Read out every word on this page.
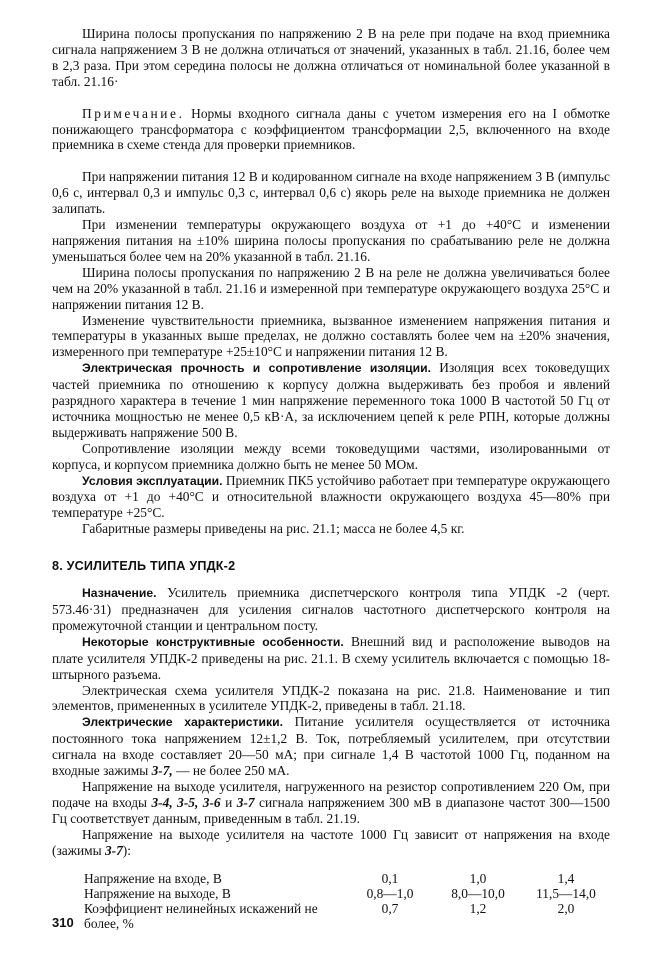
Ширина полосы пропускания по напряжению 2 В на реле при подаче на вход приемника сигнала напряжением 3 В не должна отличаться от значений, указанных в табл. 21.16, более чем в 2,3 раза. При этом середина полосы не должна отличаться от номинальной более указанной в табл. 21.16·

Примечание. Нормы входного сигнала даны с учетом измерения его на I обмотке понижающего трансформатора с коэффициентом трансформации 2,5, включенного на входе приемника в схеме стенда для проверки приемников.

При напряжении питания 12 В и кодированном сигнале на входе напряжением 3 В (импульс 0,6 с, интервал 0,3 и импульс 0,3 с, интервал 0,6 с) якорь реле на выходе приемника не должен залипать.

При изменении температуры окружающего воздуха от +1 до +40°С и изменении напряжения питания на ±10% ширина полосы пропускания по срабатыванию реле не должна уменьшаться более чем на 20% указанной в табл. 21.16.

Ширина полосы пропускания по напряжению 2 В на реле не должна увеличиваться более чем на 20% указанной в табл. 21.16 и измеренной при температуре окружающего воздуха 25°С и напряжении питания 12 В.

Изменение чувствительности приемника, вызванное изменением напряжения питания и температуры в указанных выше пределах, не должно составлять более чем на ±20% значения, измеренного при температуре +25±10°С и напряжении питания 12 В.

Электрическая прочность и сопротивление изоляции. Изоляция всех токоведущих частей приемника по отношению к корпусу должна выдерживать без пробоя и явлений разрядного характера в течение 1 мин напряжение переменного тока 1000 В частотой 50 Гц от источника мощностью не менее 0,5 кВ·А, за исключением цепей к реле РПН, которые должны выдерживать напряжение 500 В.

Сопротивление изоляции между всеми токоведущими частями, изолированными от корпуса, и корпусом приемника должно быть не менее 50 МОм.

Условия эксплуатации. Приемник ПК5 устойчиво работает при температуре окружающего воздуха от +1 до +40°С и относительной влажности окружающего воздуха 45—80% при температуре +25°С.

Габаритные размеры приведены на рис. 21.1; масса не более 4,5 кг.

8. УСИЛИТЕЛЬ ТИПА УПДК-2

Назначение. Усилитель приемника диспетчерского контроля типа УПДК -2 (черт. 573.46·31) предназначен для усиления сигналов частотного диспетчерского контроля на промежуточной станции и центральном посту.

Некоторые конструктивные особенности. Внешний вид и расположение выводов на плате усилителя УПДК-2 приведены на рис. 21.1. В схему усилитель включается с помощью 18-штырного разъема.

Электрическая схема усилителя УПДК-2 показана на рис. 21.8. Наименование и тип элементов, примененных в усилителе УПДК-2, приведены в табл. 21.18.

Электрические характеристики. Питание усилителя осуществляется от источника постоянного тока напряжением 12±1,2 В. Ток, потребляемый усилителем, при отсутствии сигнала на входе составляет 20—50 мА; при сигнале 1,4 В частотой 1000 Гц, поданном на входные зажимы 3-7, — не более 250 мА.

Напряжение на выходе усилителя, нагруженного на резистор сопротивлением 220 Ом, при подаче на входы 3-4, 3-5, 3-6 и 3-7 сигнала напряжением 300 мВ в диапазоне частот 300—1500 Гц соответствует данным, приведенным в табл. 21.19.

Напряжение на выходе усилителя на частоте 1000 Гц зависит от напряжения на входе (зажимы 3-7):

Напряжение на входе, В	0,1	1,0	1,4
Напряжение на выходе, В	0,8—1,0	8,0—10,0	11,5—14,0
Коэффициент нелинейных искажений не более, %	0,7	1,2	2,0
310
